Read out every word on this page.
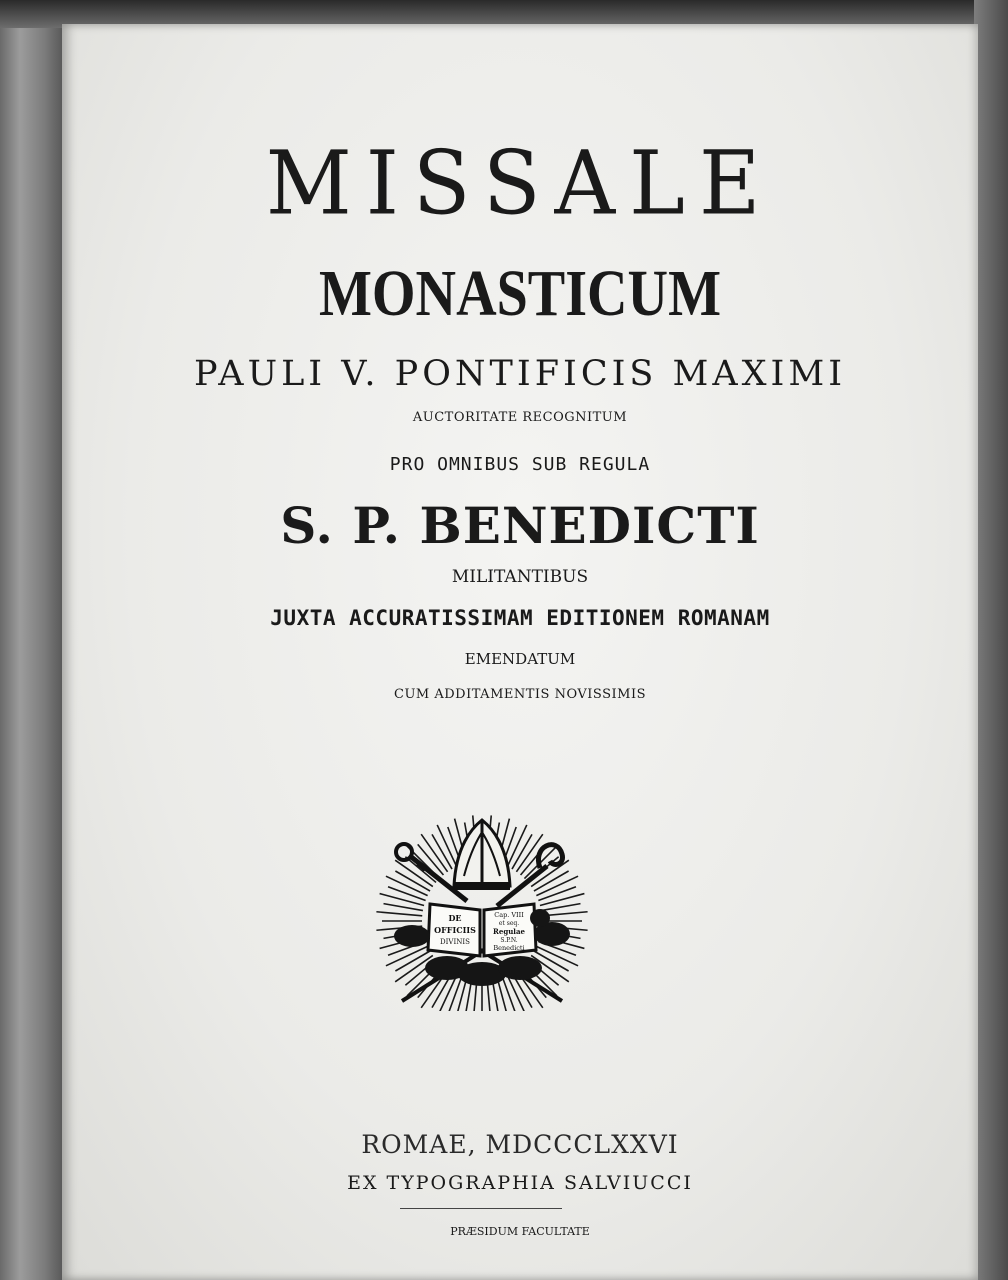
MISSALE
MONASTICUM
PAULI V. PONTIFICIS MAXIMI
AUCTORITATE RECOGNITUM
PRO OMNIBUS SUB REGULA
S. P. BENEDICTI
MILITANTIBUS
JUXTA ACCURATISSIMAM EDITIONEM ROMANAM
EMENDATUM
CUM ADDITAMENTIS NOVISSIMIS
DE
OFFICIIS
DIVINIS
Cap. VIII
et seq.
Regulae
S.P.N.
Benedicti
ROMAE, MDCCCLXXVI
EX TYPOGRAPHIA SALVIUCCI
PRÆSIDUM FACULTATE
